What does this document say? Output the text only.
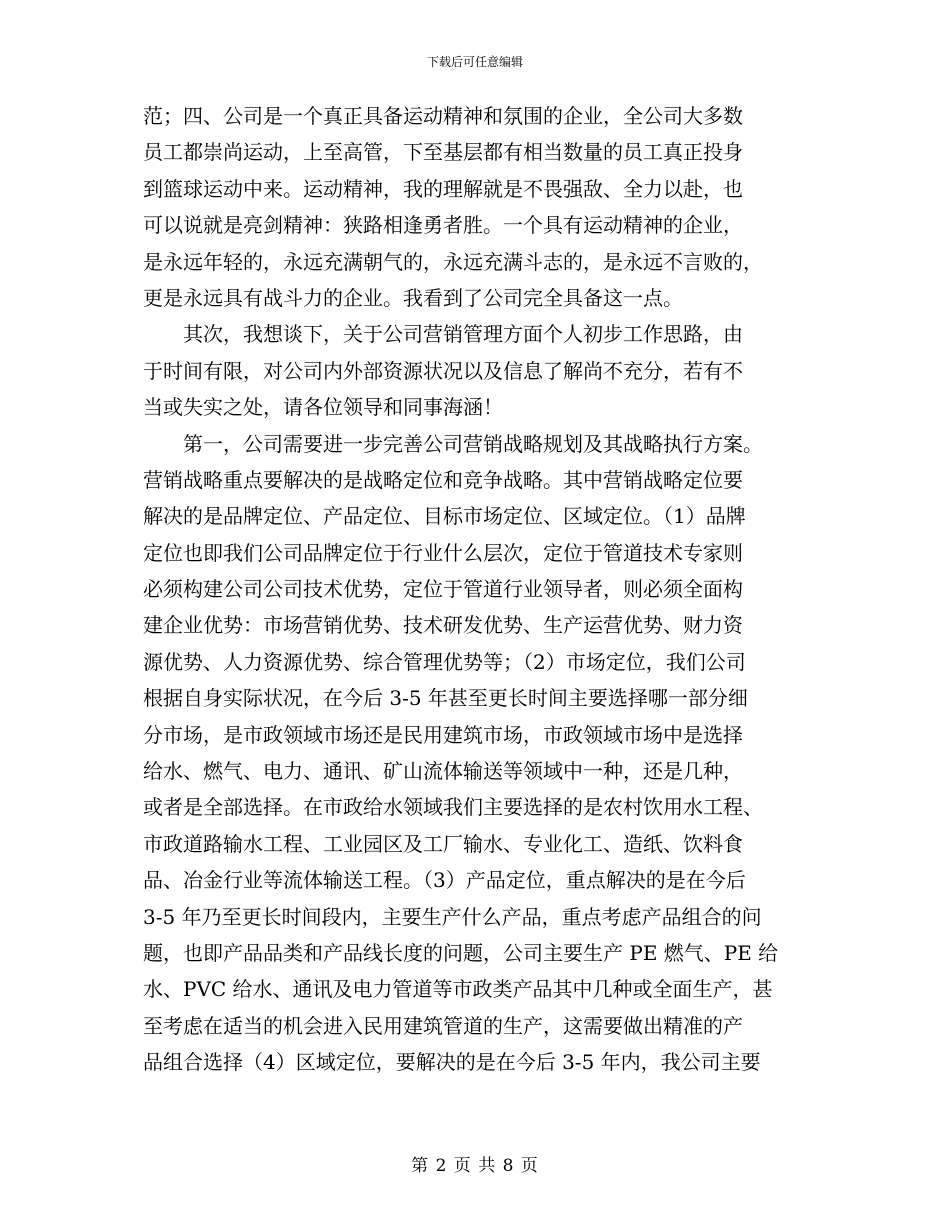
下载后可任意编辑
范；四、公司是一个真正具备运动精神和氛围的企业，全公司大多数
员工都崇尚运动，上至高管，下至基层都有相当数量的员工真正投身
到篮球运动中来。运动精神，我的理解就是不畏强敌、全力以赴，也
可以说就是亮剑精神：狭路相逢勇者胜。一个具有运动精神的企业，
是永远年轻的，永远充满朝气的，永远充满斗志的，是永远不言败的，
更是永远具有战斗力的企业。我看到了公司完全具备这一点。
　　其次，我想谈下，关于公司营销管理方面个人初步工作思路，由
于时间有限，对公司内外部资源状况以及信息了解尚不充分，若有不
当或失实之处，请各位领导和同事海涵！
　　第一，公司需要进一步完善公司营销战略规划及其战略执行方案。
营销战略重点要解决的是战略定位和竞争战略。其中营销战略定位要
解决的是品牌定位、产品定位、目标市场定位、区域定位。（1）品牌
定位也即我们公司品牌定位于行业什么层次，定位于管道技术专家则
必须构建公司公司技术优势，定位于管道行业领导者，则必须全面构
建企业优势：市场营销优势、技术研发优势、生产运营优势、财力资
源优势、人力资源优势、综合管理优势等；（2）市场定位，我们公司
根据自身实际状况，在今后 3-5 年甚至更长时间主要选择哪一部分细
分市场，是市政领域市场还是民用建筑市场，市政领域市场中是选择
给水、燃气、电力、通讯、矿山流体输送等领域中一种，还是几种，
或者是全部选择。在市政给水领域我们主要选择的是农村饮用水工程、
市政道路输水工程、工业园区及工厂输水、专业化工、造纸、饮料食
品、冶金行业等流体输送工程。（3）产品定位，重点解决的是在今后
3-5 年乃至更长时间段内，主要生产什么产品，重点考虑产品组合的问
题，也即产品品类和产品线长度的问题，公司主要生产 PE 燃气、PE 给
水、PVC 给水、通讯及电力管道等市政类产品其中几种或全面生产，甚
至考虑在适当的机会进入民用建筑管道的生产，这需要做出精准的产
品组合选择（4）区域定位，要解决的是在今后 3-5 年内，我公司主要
第 2 页 共 8 页
